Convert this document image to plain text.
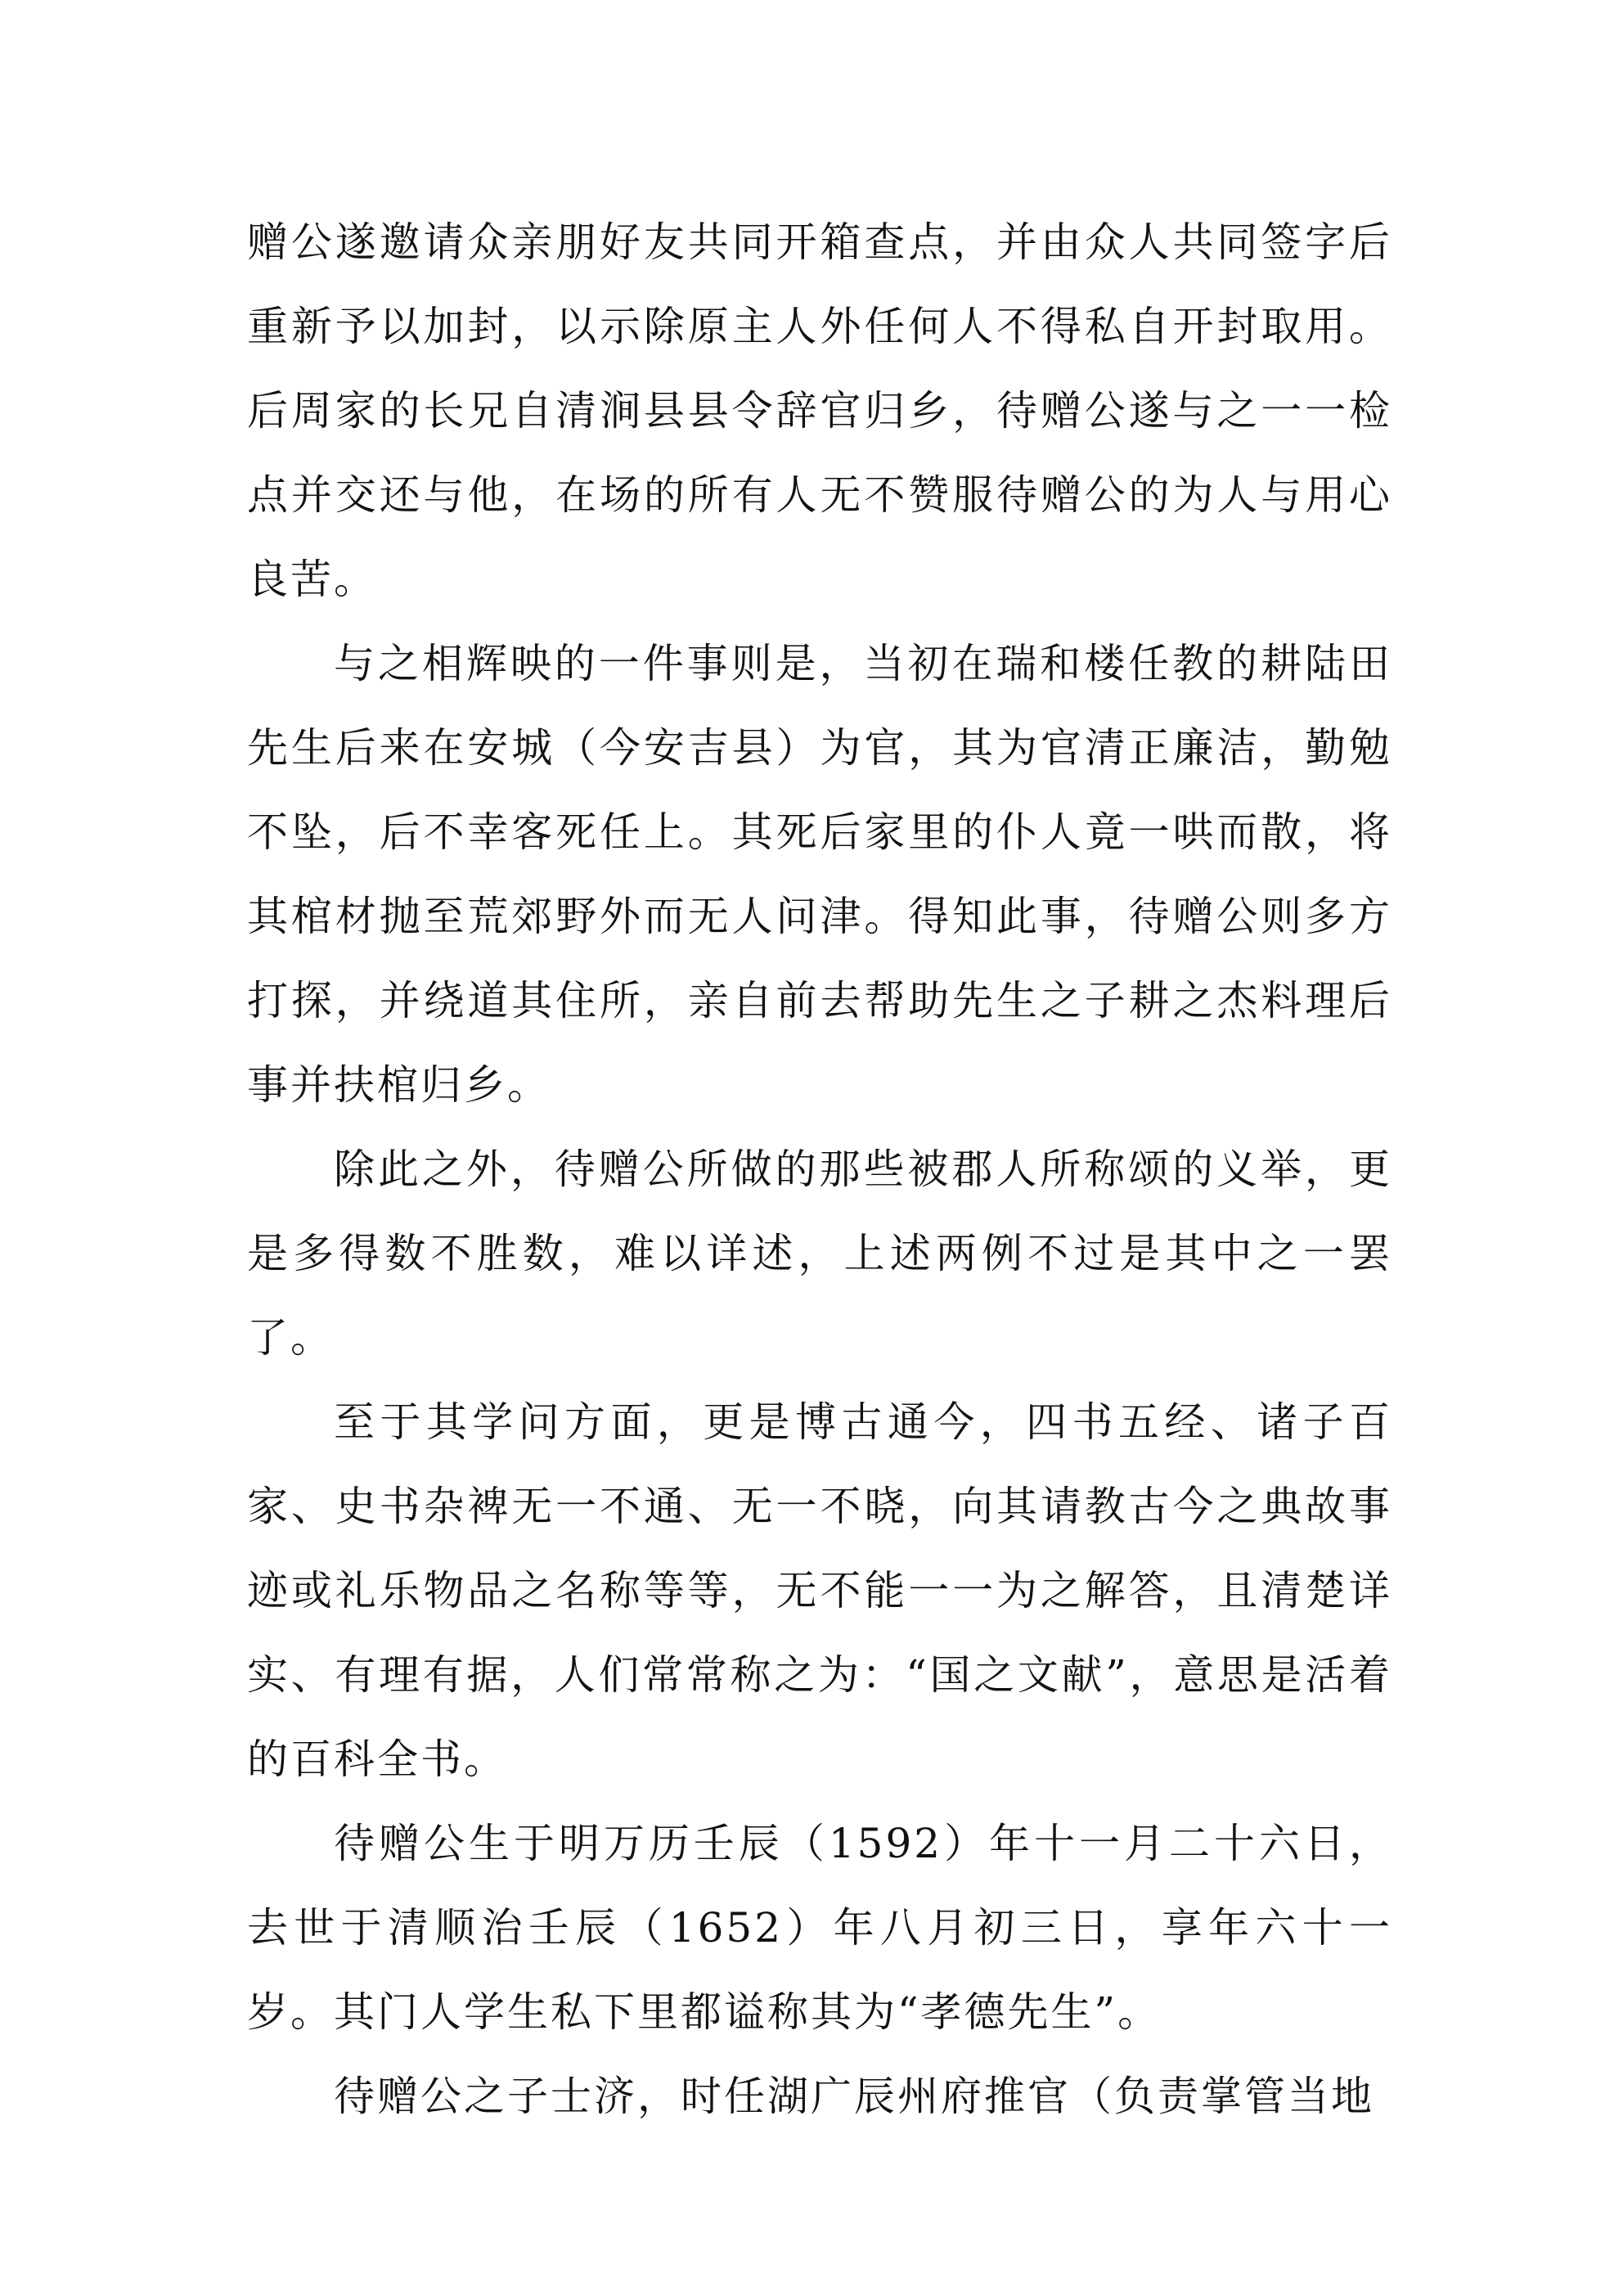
赠公遂邀请众亲朋好友共同开箱查点，并由众人共同签字后重新予以加封，以示除原主人外任何人不得私自开封取用。后周家的长兄自清涧县县令辞官归乡，待赠公遂与之一一检点并交还与他，在场的所有人无不赞服待赠公的为人与用心良苦。

与之相辉映的一件事则是，当初在瑞和楼任教的耕陆田先生后来在安城（今安吉县）为官，其为官清正廉洁，勤勉不坠，后不幸客死任上。其死后家里的仆人竟一哄而散，将其棺材抛至荒郊野外而无人问津。得知此事，待赠公则多方打探，并绕道其住所，亲自前去帮助先生之子耕之杰料理后事并扶棺归乡。

除此之外，待赠公所做的那些被郡人所称颂的义举，更是多得数不胜数，难以详述，上述两例不过是其中之一罢了。

至于其学问方面，更是博古通今，四书五经、诸子百家、史书杂裨无一不通、无一不晓，向其请教古今之典故事迹或礼乐物品之名称等等，无不能一一为之解答，且清楚详实、有理有据，人们常常称之为：“国之文献”，意思是活着的百科全书。

待赠公生于明万历壬辰（1592）年十一月二十六日，去世于清顺治壬辰（1652）年八月初三日，享年六十一岁。其门人学生私下里都谥称其为“孝德先生”。

待赠公之子士济，时任湖广辰州府推官（负责掌管当地
